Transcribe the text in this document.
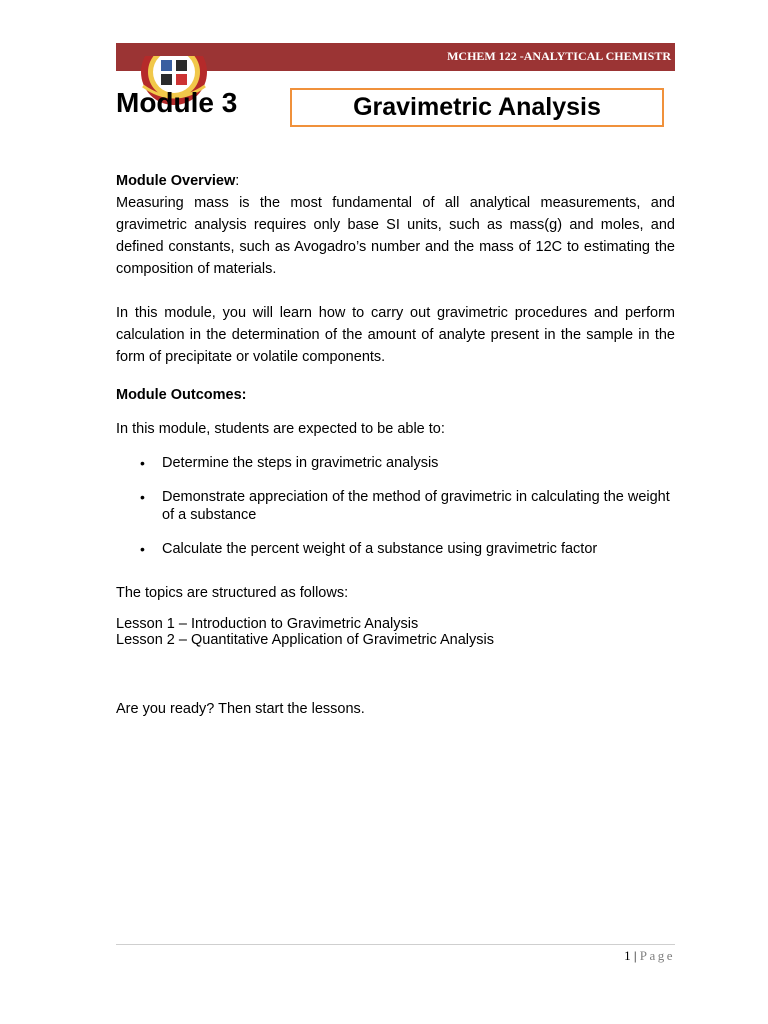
MCHEM 122 -ANALYTICAL CHEMISTR
Module 3	Gravimetric Analysis

Module Overview:

Measuring mass is the most fundamental of all analytical measurements, and gravimetric analysis requires only base SI units, such as mass(g) and moles, and defined constants, such as Avogadro’s number and the mass of 12C to estimating the composition of materials.

In this module, you will learn how to carry out gravimetric procedures and perform calculation in the determination of the amount of analyte present in the sample in the form of precipitate or volatile components.

Module Outcomes:

In this module, students are expected to be able to:

• Determine the steps in gravimetric analysis
• Demonstrate appreciation of the method of gravimetric in calculating the weight of a substance
• Calculate the percent weight of a substance using gravimetric factor

The topics are structured as follows:

Lesson 1 – Introduction to Gravimetric Analysis

Lesson 2 – Quantitative Application of Gravimetric Analysis

Are you ready? Then start the lessons.

1 | Page
